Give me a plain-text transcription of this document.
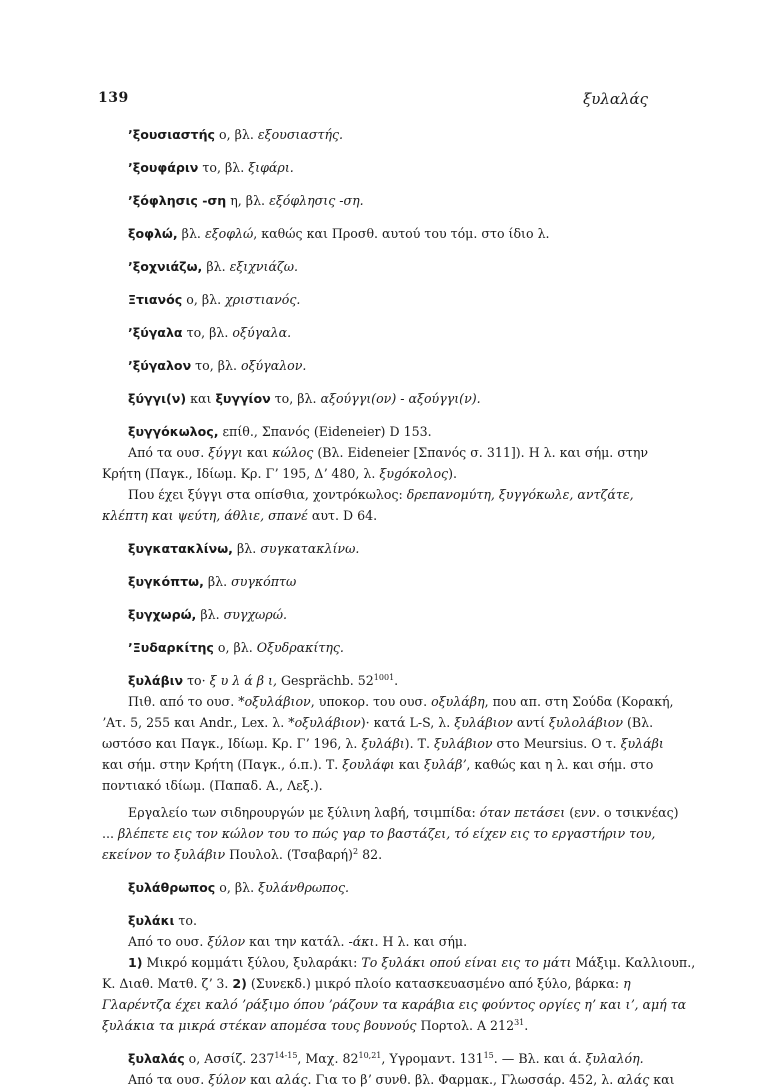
139	ξυλαλάς
ʼξουσιαστής ο, βλ. εξουσιαστής.
ʼξουφάριν το, βλ. ξιφάρι.
ʼξόφλησις -ση η, βλ. εξόφλησις -ση.
ξοφλώ, βλ. εξοφλώ, καθώς και Προσθ. αυτού του τόμ. στο ίδιο λ.
ʼξοχνιάζω, βλ. εξιχνιάζω.
Ξτιανός ο, βλ. χριστιανός.
ʼξύγαλα το, βλ. οξύγαλα.
ʼξύγαλον το, βλ. οξύγαλον.
ξύγγι(ν) και ξυγγίον το, βλ. αξούγγι(ον) - αξούγγι(ν).
ξυγγόκωλος, επίθ., Σπανός (Eideneier) D 153.
Από τα ουσ. ξύγγι και κώλος (Βλ. Eideneier [Σπανός σ. 311]). Η λ. και σήμ. στην
Κρήτη (Παγκ., Ιδίωμ. Κρ. Γʼ 195, Δʼ 480, λ. ξυgόκολος).
Που έχει ξύγγι στα οπίσθια, χοντρόκωλος: δρεπανομύτη, ξυγγόκωλε, αντζάτε,
κλέπτη και ψεύτη, άθλιε, σπανέ αυτ. D 64.
ξυγκατακλίνω, βλ. συγκατακλίνω.
ξυγκόπτω, βλ. συγκόπτω
ξυγχωρώ, βλ. συγχωρώ.
ʼΞυδαρκίτης ο, βλ. Οξυδρακίτης.
ξυλάβιν το· ξ υ λ ά β ι, Gesprächb. $52^{1001}$.
Πιθ. από το ουσ. *οξυλάβιον, υποκορ. του ουσ. οξυλάβη, που απ. στη Σούδα (Κορακή,
ʼΑτ. 5, 255 και Andr., Lex. λ. *οξυλάβιον)· κατά L-S, λ. ξυλάβιον αντί ξυλολάβιον (Βλ.
ωστόσο και Παγκ., Ιδίωμ. Κρ. Γʼ 196, λ. ξυλάβι). Τ. ξυλάβιον στο Meursius. Ο τ. ξυλάβι
και σήμ. στην Κρήτη (Παγκ., ό.π.). Τ. ξουλάφι και ξυλάβʼ, καθώς και η λ. και σήμ. στο
ποντιακό ιδίωμ. (Παπαδ. Α., Λεξ.).
Εργαλείο των σιδηρουργών με ξύλινη λαβή, τσιμπίδα: όταν πετάσει (ενν. ο τσικνέας)
... βλέπετε εις τον κώλον του το πώς γαρ το βαστάζει, τό είχεν εις το εργαστήριν του,
εκείνον το ξυλάβιν Πουλολ. $(T\sigma\alpha\beta\alpha\rho ή)^2$ 82.
ξυλάθρωπος ο, βλ. ξυλάνθρωπος.
ξυλάκι το.
Από το ουσ. ξύλον και την κατάλ. -άκι. Η λ. και σήμ.
1) Μικρό κομμάτι ξύλου, ξυλαράκι: Το ξυλάκι οπού είναι εις το μάτι Μάξιμ. Καλλιουπ.,
Κ. Διαθ. Ματθ. ζʼ 3. 2) (Συνεκδ.) μικρό πλοίο κατασκευασμένο από ξύλο, βάρκα: η
Γλαρέντζα έχει καλό ʼράξιμο όπου ʼράζουν τα καράβια εις φούντος οργίες ηʼ και ιʼ, αμή τα
ξυλάκια τα μικρά στέκαν απομέσα τους βουνούς Πορτολ. Α $212^{31}$.
ξυλαλάς ο, Ασσίζ. 237$^{14-15}$, Μαχ. 82$^{10,21}$, Υγρομαντ. $131^{15}$. — Βλ. και ά. ξυλαλόη.
Από τα ουσ. ξύλον και αλάς. Για το βʼ συνθ. βλ. Φαρμακ., Γλωσσάρ. 452, λ. αλάς και
